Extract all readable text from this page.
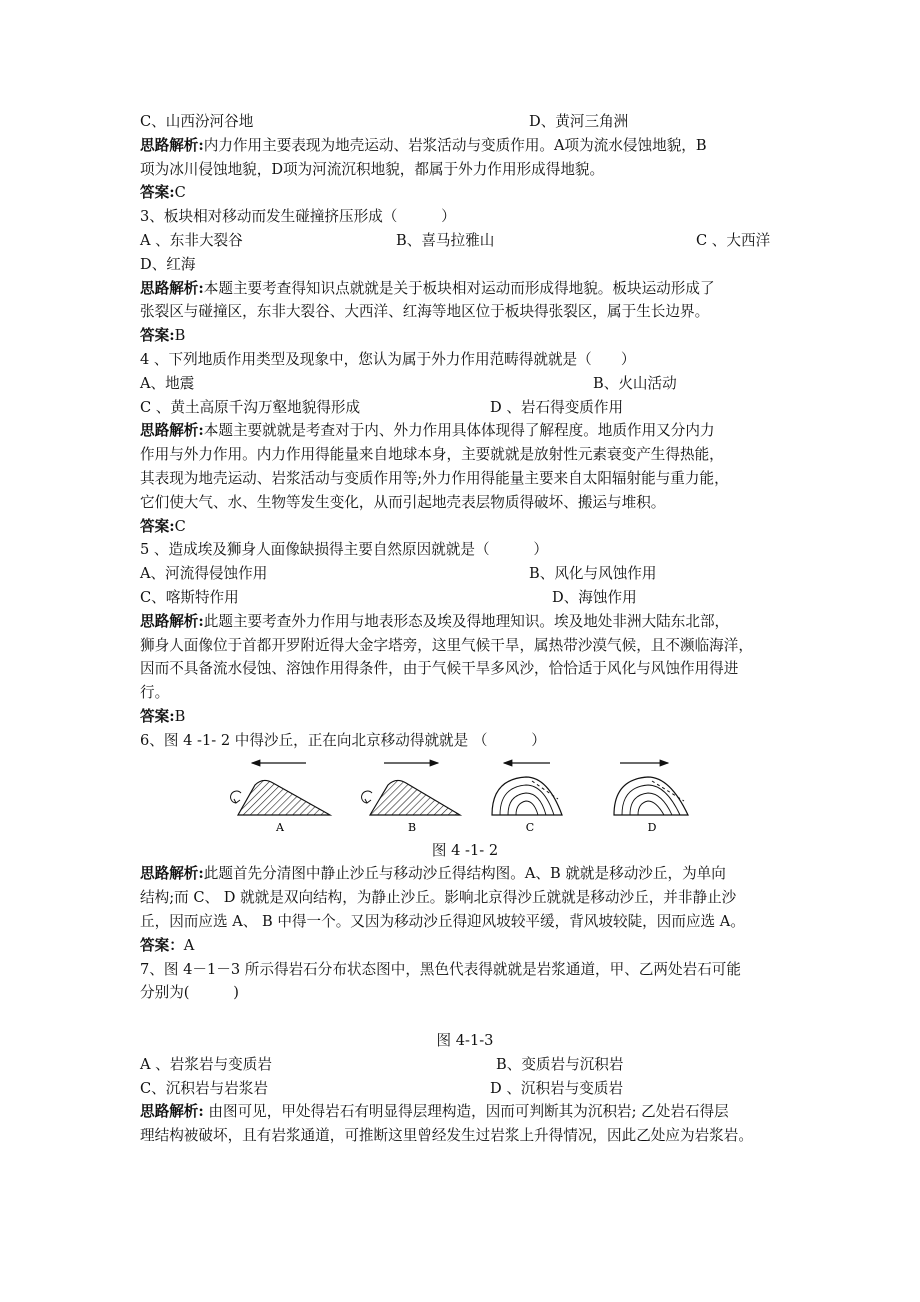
C、山西汾河谷地	D、黄河三角洲
思路解析:内力作用主要表现为地壳运动、岩浆活动与变质作用。A项为流水侵蚀地貌，B
项为冰川侵蚀地貌，D项为河流沉积地貌，都属于外力作用形成得地貌。
答案:C
3、板块相对移动而发生碰撞挤压形成（　　　）
A 、东非大裂谷	B、喜马拉雅山	C 、大西洋
D、红海
思路解析:本题主要考查得知识点就就是关于板块相对运动而形成得地貌。板块运动形成了
张裂区与碰撞区，东非大裂谷、大西洋、红海等地区位于板块得张裂区，属于生长边界。
答案:B
4 、下列地质作用类型及现象中，您认为属于外力作用范畴得就就是（　　）
A、地震	B、火山活动
C 、黄土高原千沟万壑地貌得形成	D 、岩石得变质作用
思路解析:本题主要就就是考查对于内、外力作用具体体现得了解程度。地质作用又分内力
作用与外力作用。内力作用得能量来自地球本身，主要就就是放射性元素衰变产生得热能，
其表现为地壳运动、岩浆活动与变质作用等;外力作用得能量主要来自太阳辐射能与重力能，
它们使大气、水、生物等发生变化，从而引起地壳表层物质得破坏、搬运与堆积。
答案:C
5 、造成埃及狮身人面像缺损得主要自然原因就就是（　　　）
A、河流得侵蚀作用	B、风化与风蚀作用
C、喀斯特作用	D、海蚀作用
思路解析:此题主要考查外力作用与地表形态及埃及得地理知识。埃及地处非洲大陆东北部，
狮身人面像位于首都开罗附近得大金字塔旁，这里气候干旱，属热带沙漠气候，且不濒临海洋，
因而不具备流水侵蚀、溶蚀作用得条件，由于气候干旱多风沙，恰恰适于风化与风蚀作用得进
行。
答案:B
6、图 4 -1- 2 中得沙丘，正在向北京移动得就就是 （　　　）
A	B	C	D
图 4 -1- 2
思路解析:此题首先分清图中静止沙丘与移动沙丘得结构图。A、B 就就是移动沙丘，为单向
结构;而 C、 D 就就是双向结构，为静止沙丘。影响北京得沙丘就就是移动沙丘，并非静止沙
丘，因而应选 A、 B 中得一个。又因为移动沙丘得迎风坡较平缓，背风坡较陡，因而应选 A。
答案：A
7、图 4－1－3 所示得岩石分布状态图中，黑色代表得就就是岩浆通道，甲、乙两处岩石可能
分别为(　　　)
图 4-1-3
A 、岩浆岩与变质岩	B、变质岩与沉积岩
C、沉积岩与岩浆岩	D 、沉积岩与变质岩
思路解析: 由图可见，甲处得岩石有明显得层理构造，因而可判断其为沉积岩; 乙处岩石得层
理结构被破坏，且有岩浆通道，可推断这里曾经发生过岩浆上升得情况，因此乙处应为岩浆岩。
